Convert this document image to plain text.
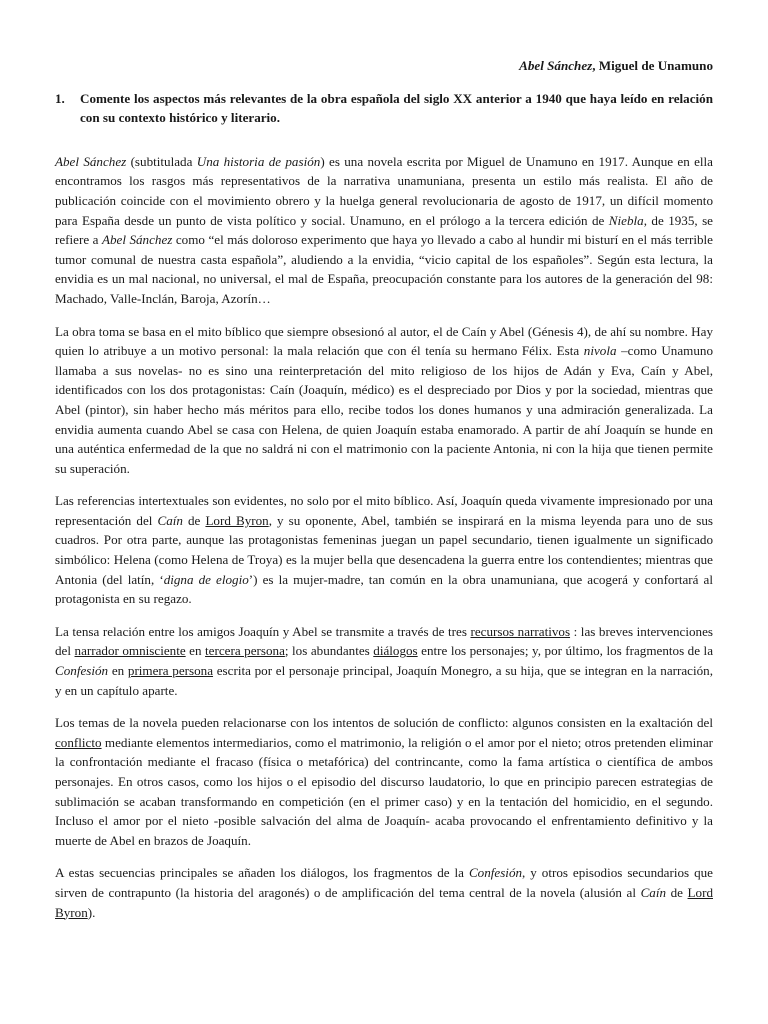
Abel Sánchez, Miguel de Unamuno
1.	Comente los aspectos más relevantes de la obra española del siglo XX anterior a 1940 que haya leído en relación con su contexto histórico y literario.

Abel Sánchez (subtitulada Una historia de pasión) es una novela escrita por Miguel de Unamuno en 1917. Aunque en ella encontramos los rasgos más representativos de la narrativa unamuniana, presenta un estilo más realista. El año de publicación coincide con el movimiento obrero y la huelga general revolucionaria de agosto de 1917, un difícil momento para España desde un punto de vista político y social. Unamuno, en el prólogo a la tercera edición de Niebla, de 1935, se refiere a Abel Sánchez como “el más doloroso experimento que haya yo llevado a cabo al hundir mi bisturí en el más terrible tumor comunal de nuestra casta española”, aludiendo a la envidia, “vicio capital de los españoles”. Según esta lectura, la envidia es un mal nacional, no universal, el mal de España, preocupación constante para los autores de la generación del 98: Machado, Valle-Inclán, Baroja, Azorín…

La obra toma se basa en el mito bíblico que siempre obsesionó al autor, el de Caín y Abel (Génesis 4), de ahí su nombre. Hay quien lo atribuye a un motivo personal: la mala relación que con él tenía su hermano Félix. Esta nivola –como Unamuno llamaba a sus novelas- no es sino una reinterpretación del mito religioso de los hijos de Adán y Eva, Caín y Abel, identificados con los dos protagonistas: Caín (Joaquín, médico) es el despreciado por Dios y por la sociedad, mientras que Abel (pintor), sin haber hecho más méritos para ello, recibe todos los dones humanos y una admiración generalizada. La envidia aumenta cuando Abel se casa con Helena, de quien Joaquín estaba enamorado. A partir de ahí Joaquín se hunde en una auténtica enfermedad de la que no saldrá ni con el matrimonio con la paciente Antonia, ni con la hija que tienen permite su superación.

Las referencias intertextuales son evidentes, no solo por el mito bíblico. Así, Joaquín queda vivamente impresionado por una representación del Caín de Lord Byron, y su oponente, Abel, también se inspirará en la misma leyenda para uno de sus cuadros. Por otra parte, aunque las protagonistas femeninas juegan un papel secundario, tienen igualmente un significado simbólico: Helena (como Helena de Troya) es la mujer bella que desencadena la guerra entre los contendientes; mientras que Antonia (del latín, ‘digna de elogio’) es la mujer-madre, tan común en la obra unamuniana, que acogerá y confortará al protagonista en su regazo.

La tensa relación entre los amigos Joaquín y Abel se transmite a través de tres recursos narrativos : las breves intervenciones del narrador omnisciente en tercera persona; los abundantes diálogos entre los personajes; y, por último, los fragmentos de la Confesión en primera persona escrita por el personaje principal, Joaquín Monegro, a su hija, que se integran en la narración, y en un capítulo aparte.

Los temas de la novela pueden relacionarse con los intentos de solución de conflicto: algunos consisten en la exaltación del conflicto mediante elementos intermediarios, como el matrimonio, la religión o el amor por el nieto; otros pretenden eliminar la confrontación mediante el fracaso (física o metafórica) del contrincante, como la fama artística o científica de ambos personajes. En otros casos, como los hijos o el episodio del discurso laudatorio, lo que en principio parecen estrategias de sublimación se acaban transformando en competición (en el primer caso) y en la tentación del homicidio, en el segundo. Incluso el amor por el nieto -posible salvación del alma de Joaquín- acaba provocando el enfrentamiento definitivo y la muerte de Abel en brazos de Joaquín.

A estas secuencias principales se añaden los diálogos, los fragmentos de la Confesión, y otros episodios secundarios que sirven de contrapunto (la historia del aragonés) o de amplificación del tema central de la novela (alusión al Caín de Lord Byron).
